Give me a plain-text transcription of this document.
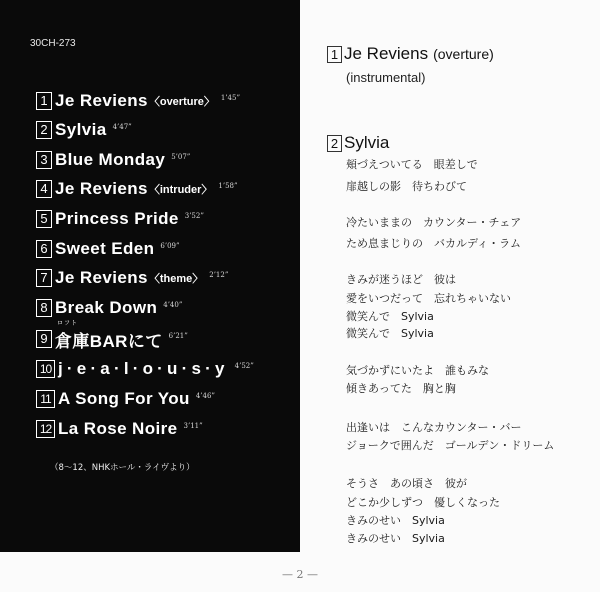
30CH-273
1 Je Reviens 〈overture〉 1’45”
2 Sylvia 4’47”
3 Blue Monday 5’07”
4 Je Reviens 〈intruder〉 1’58”
5 Princess Pride 3’52”
6 Sweet Eden 6’09”
7 Je Reviens 〈theme〉 2’12”
8 Break Down 4’40”
9
ロフト
倉庫BARにて 6’21”
10 j·e·a·l·o·u·s·y 4’52”
11 A Song For You 4’46”
12 La Rose Noire 3’11”
（8～12、NHKホール・ライヴより）
1 Je Reviens (overture)
(instrumental)
2 Sylvia
頬づえついてる　眼差しで
扉越しの影　待ちわびて
冷たいままの　カウンター・チェア
ため息まじりの　バカルディ・ラム
きみが迷うほど　彼は
愛をいつだって　忘れちゃいない
微笑んで　Sylvia
微笑んで　Sylvia
気づかずにいたよ　誰もみな
傾きあってた　胸と胸
出逢いは　こんなカウンター・バー
ジョークで囲んだ　ゴールデン・ドリーム
そうさ　あの頃さ　彼が
どこか少しずつ　優しくなった
きみのせい　Sylvia
きみのせい　Sylvia
— 2 —
